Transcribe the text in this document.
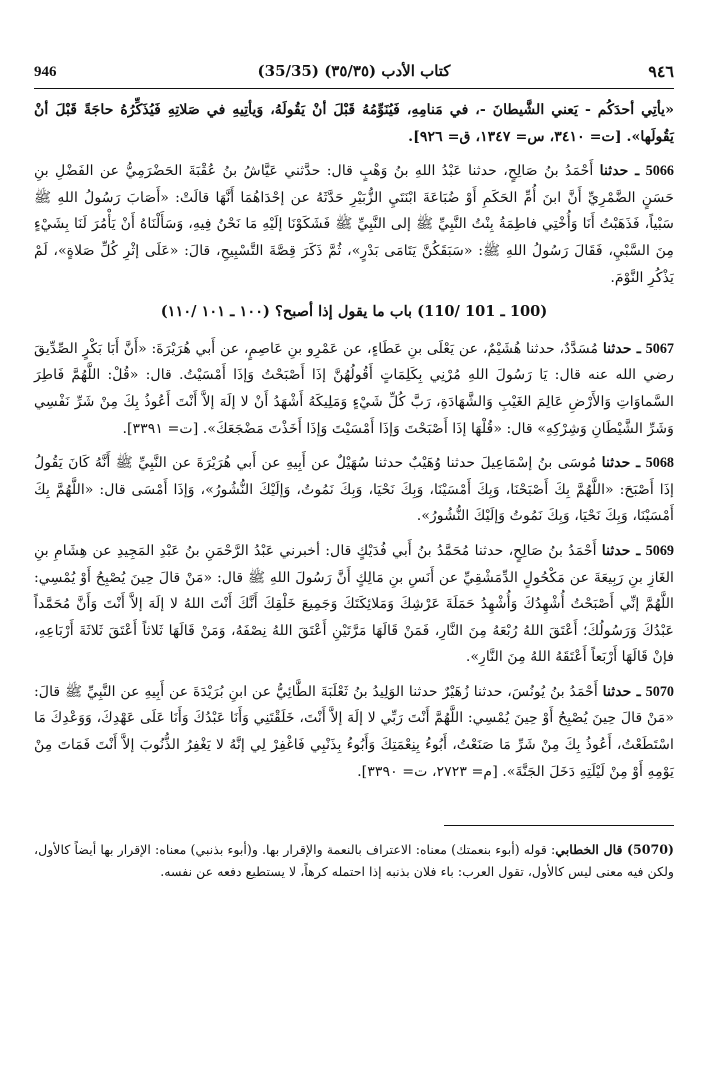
946	(35/35) كتاب الأدب (٣٥/٣٥)	٩٤٦

«يأتِي أحدَكُم - يَعني الشَّيطانَ -، في مَنامِهِ، فَيُنَوِّمُهُ قَبْلَ أنْ يَقُولَهُ، وَيأتِيهِ في صَلاتِهِ فَيُذَكِّرُهُ حاجَةً قَبْلَ أنْ يَقُولَها». [ت= ٣٤١٠، س= ١٣٤٧، ق= ٩٢٦].

5066 ـ حدثنا أَحْمَدُ بنُ صَالِحٍ، حدثنا عَبْدُ اللهِ بنُ وَهْبٍ قال: حدَّثني عَيَّاشُ بنُ عُقْبَةَ الحَضْرَمِيُّ عن الفَضْلِ بنِ حَسَنٍ الضَّمْرِيِّ أَنَّ ابنَ أُمِّ الحَكَمِ أَوْ ضُبَاعَةَ ابْنَتَيِ الزُّبَيْرِ حَدَّثَهُ عن إحْدَاهُمَا أَنَّهَا قالَتْ: «أَصَابَ رَسُولُ اللهِ ﷺ سَبْياً، فَذَهَبْتُ أَنَا وَأُخْتِي فاطِمَةُ بِنْتُ النَّبِيِّ ﷺ إلى النَّبِيِّ ﷺ فَشَكَوْنَا إلَيْهِ مَا نَحْنُ فِيهِ، وَسَأَلْنَاهُ أَنْ يَأْمُرَ لَنَا بِشَيْءٍ مِنَ السَّبْيِ، فَقَالَ رَسُولُ اللهِ ﷺ: «سَبَقَكُنَّ يَتَامَى بَدْرٍ»، ثُمَّ ذَكَرَ قِصَّةَ التَّسْبِيحِ، قالَ: «عَلَى إثْرِ كُلِّ صَلاةٍ»، لَمْ يَذْكُرِ النَّوْمَ.

(100 ـ 101 /110) باب ما يقول إذا أصبح؟ (١٠٠ ـ ١٠١ /١١٠)

5067 ـ حدثنا مُسَدَّدٌ، حدثنا هُشَيْمٌ، عن يَعْلَى بنِ عَطَاءٍ، عن عَمْرِو بنِ عَاصِمٍ، عن أَبي هُرَيْرَةَ: «أَنَّ أَبَا بَكْرٍ الصِّدِّيقَ رضي الله عنه قال: يَا رَسُولَ اللهِ مُرْنِي بِكَلِمَاتٍ أَقُولُهُنَّ إذَا أَصْبَحْتُ وَإذَا أَمْسَيْتُ. قال: «قُلْ: اللَّهُمَّ فَاطِرَ السَّماوَاتِ وَالأَرْضِ عَالِمَ الغَيْبِ وَالشَّهَادَةِ، رَبَّ كُلِّ شَيْءٍ وَمَلِيكَهُ أَشْهَدُ أَنْ لا إلَهَ إلاَّ أَنْتَ أَعُوذُ بِكَ مِنْ شَرِّ نَفْسِي وَشَرِّ الشَّيْطَانِ وَشِرْكِهِ» قال: «قُلْهَا إذَا أَصْبَحْتَ وَإذَا أَمْسَيْتَ وَإذَا أَخَذْتَ مَضْجَعَكَ». [ت= ٣٣٩١].

5068 ـ حدثنا مُوسَى بنُ إسْمَاعِيلَ حدثنا وُهَيْبٌ حدثنا سُهَيْلٌ عن أَبِيهِ عن أَبي هُرَيْرَةَ عن النَّبِيِّ ﷺ أَنَّهُ كَانَ يَقُولُ إذَا أَصْبَحَ: «اللَّهُمَّ بِكَ أَصْبَحْنَا، وَبِكَ أَمْسَيْنَا، وَبِكَ نَحْيَا، وَبِكَ نَمُوتُ، وَإلَيْكَ النُّشُورُ»، وَإذَا أَمْسَى قال: «اللَّهُمَّ بِكَ أَمْسَيْنَا، وَبِكَ نَحْيَا، وَبِكَ نَمُوتُ وَإلَيْكَ النُّشُورُ».

5069 ـ حدثنا أَحْمَدُ بنُ صَالِحٍ، حدثنا مُحَمَّدُ بنُ أَبي فُدَيْكٍ قال: أخبرني عَبْدُ الرَّحْمَنِ بنُ عَبْدِ المَجِيدِ عن هِشَامِ بنِ الغَازِ بنِ رَبِيعَةَ عن مَكْحُولٍ الدِّمَشْقِيِّ عن أَنَسِ بنِ مَالِكٍ أَنَّ رَسُولَ اللهِ ﷺ قال: «مَنْ قالَ حِينَ يُصْبِحُ أَوْ يُمْسِي: اللَّهُمَّ إنِّي أَصْبَحْتُ أُشْهِدُكَ وَأُشْهِدُ حَمَلَةَ عَرْشِكَ وَمَلائِكَتَكَ وَجَمِيعَ خَلْقِكَ أَنَّكَ أَنْتَ اللهُ لا إلَهَ إلاَّ أَنْتَ وَأَنَّ مُحَمَّداً عَبْدُكَ وَرَسُولُكَ؛ أَعْتَقَ اللهُ رُبْعَهُ مِنَ النَّارِ، فَمَنْ قَالَهَا مَرَّتَيْنِ أَعْتَقَ اللهُ نِصْفَهُ، وَمَنْ قَالَهَا ثَلاثاً أَعْتَقَ ثَلاثَةَ أَرْبَاعِهِ، فإنْ قَالَهَا أَرْبَعاً أَعْتَقَهُ اللهُ مِنَ النَّارِ».

5070 ـ حدثنا أَحْمَدُ بنُ يُونُسَ، حدثنا زُهَيْرٌ حدثنا الوَلِيدُ بنُ ثَعْلَبَةَ الطَّائِيُّ عن ابنِ بُرَيْدَةَ عن أَبِيهِ عن النَّبِيِّ ﷺ قالَ: «مَنْ قالَ حِينَ يُصْبِحُ أَوْ حِينَ يُمْسِي: اللَّهُمَّ أَنْتَ رَبِّي لا إلَهَ إلاَّ أَنْتَ، خَلَقْتَنِي وَأَنَا عَبْدُكَ وَأَنَا عَلَى عَهْدِكَ، وَوَعْدِكَ مَا اسْتَطَعْتُ، أَعُوذُ بِكَ مِنْ شَرِّ مَا صَنَعْتُ، أَبُوءُ بِنِعْمَتِكَ وَأَبُوءُ بِذَنْبِي فَاغْفِرْ لِي إنَّهُ لا يَغْفِرُ الذُّنُوبَ إلاَّ أَنْتَ فَمَاتَ مِنْ يَوْمِهِ أَوْ مِنْ لَيْلَتِهِ دَخَلَ الجَنَّةَ». [م= ٢٧٢٣، ت= ٣٣٩٠].

(5070) قال الخطابي: قوله (أبوء بنعمتك) معناه: الاعتراف بالنعمة والإقرار بها. و(أبوء بذنبي) معناه: الإقرار بها أيضاً كالأول، ولكن فيه معنى ليس كالأول، تقول العرب: باء فلان بذنبه إذا احتمله كرهاً، لا يستطيع دفعه عن نفسه.
